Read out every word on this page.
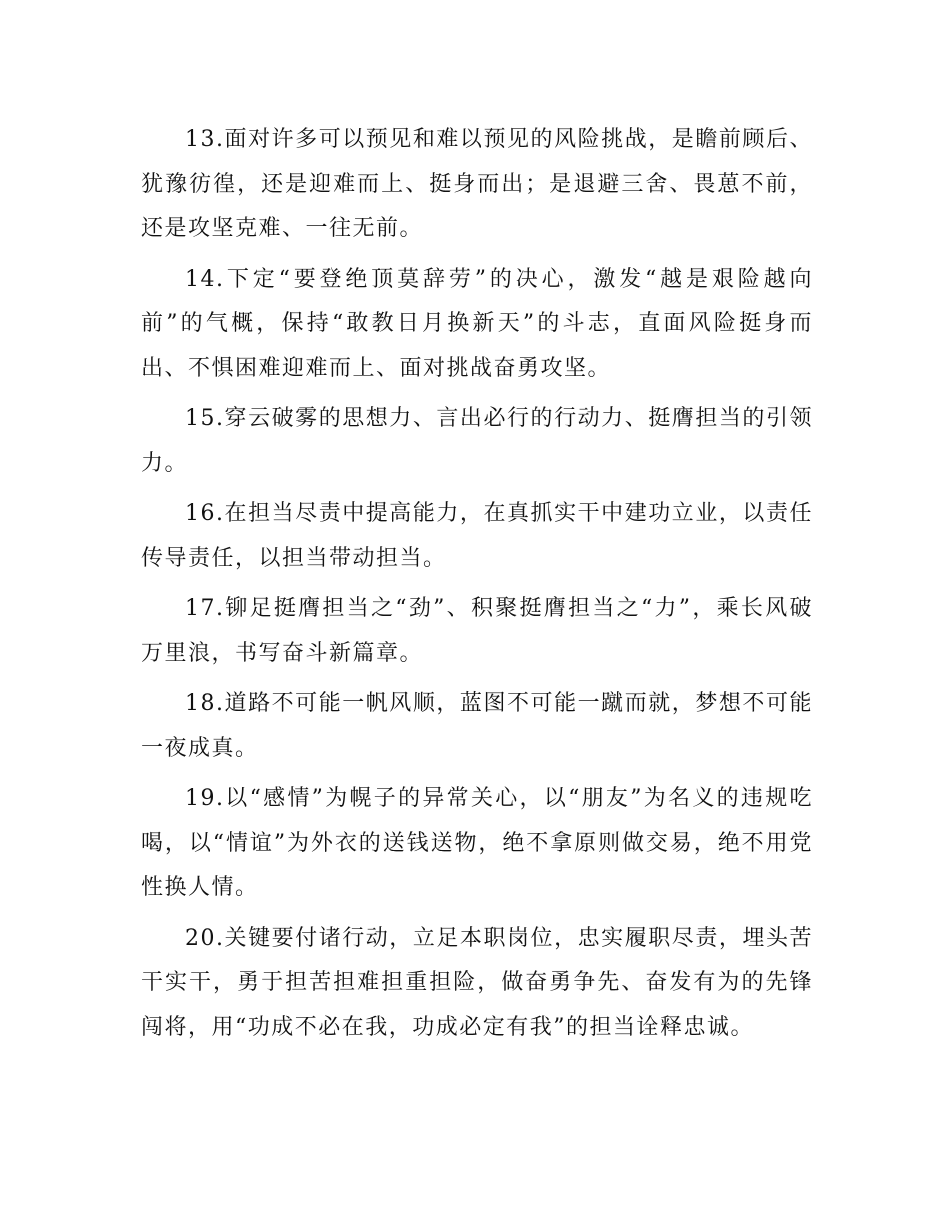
13.面对许多可以预见和难以预见的风险挑战，是瞻前顾后、犹豫彷徨，还是迎难而上、挺身而出；是退避三舍、畏葸不前，还是攻坚克难、一往无前。

14.下定“要登绝顶莫辞劳”的决心，激发“越是艰险越向前”的气概，保持“敢教日月换新天”的斗志，直面风险挺身而出、不惧困难迎难而上、面对挑战奋勇攻坚。

15.穿云破雾的思想力、言出必行的行动力、挺膺担当的引领力。

16.在担当尽责中提高能力，在真抓实干中建功立业，以责任传导责任，以担当带动担当。

17.铆足挺膺担当之“劲”、积聚挺膺担当之“力”，乘长风破万里浪，书写奋斗新篇章。

18.道路不可能一帆风顺，蓝图不可能一蹴而就，梦想不可能一夜成真。

19.以“感情”为幌子的异常关心，以“朋友”为名义的违规吃喝，以“情谊”为外衣的送钱送物，绝不拿原则做交易，绝不用党性换人情。

20.关键要付诸行动，立足本职岗位，忠实履职尽责，埋头苦干实干，勇于担苦担难担重担险，做奋勇争先、奋发有为的先锋闯将，用“功成不必在我，功成必定有我”的担当诠释忠诚。
